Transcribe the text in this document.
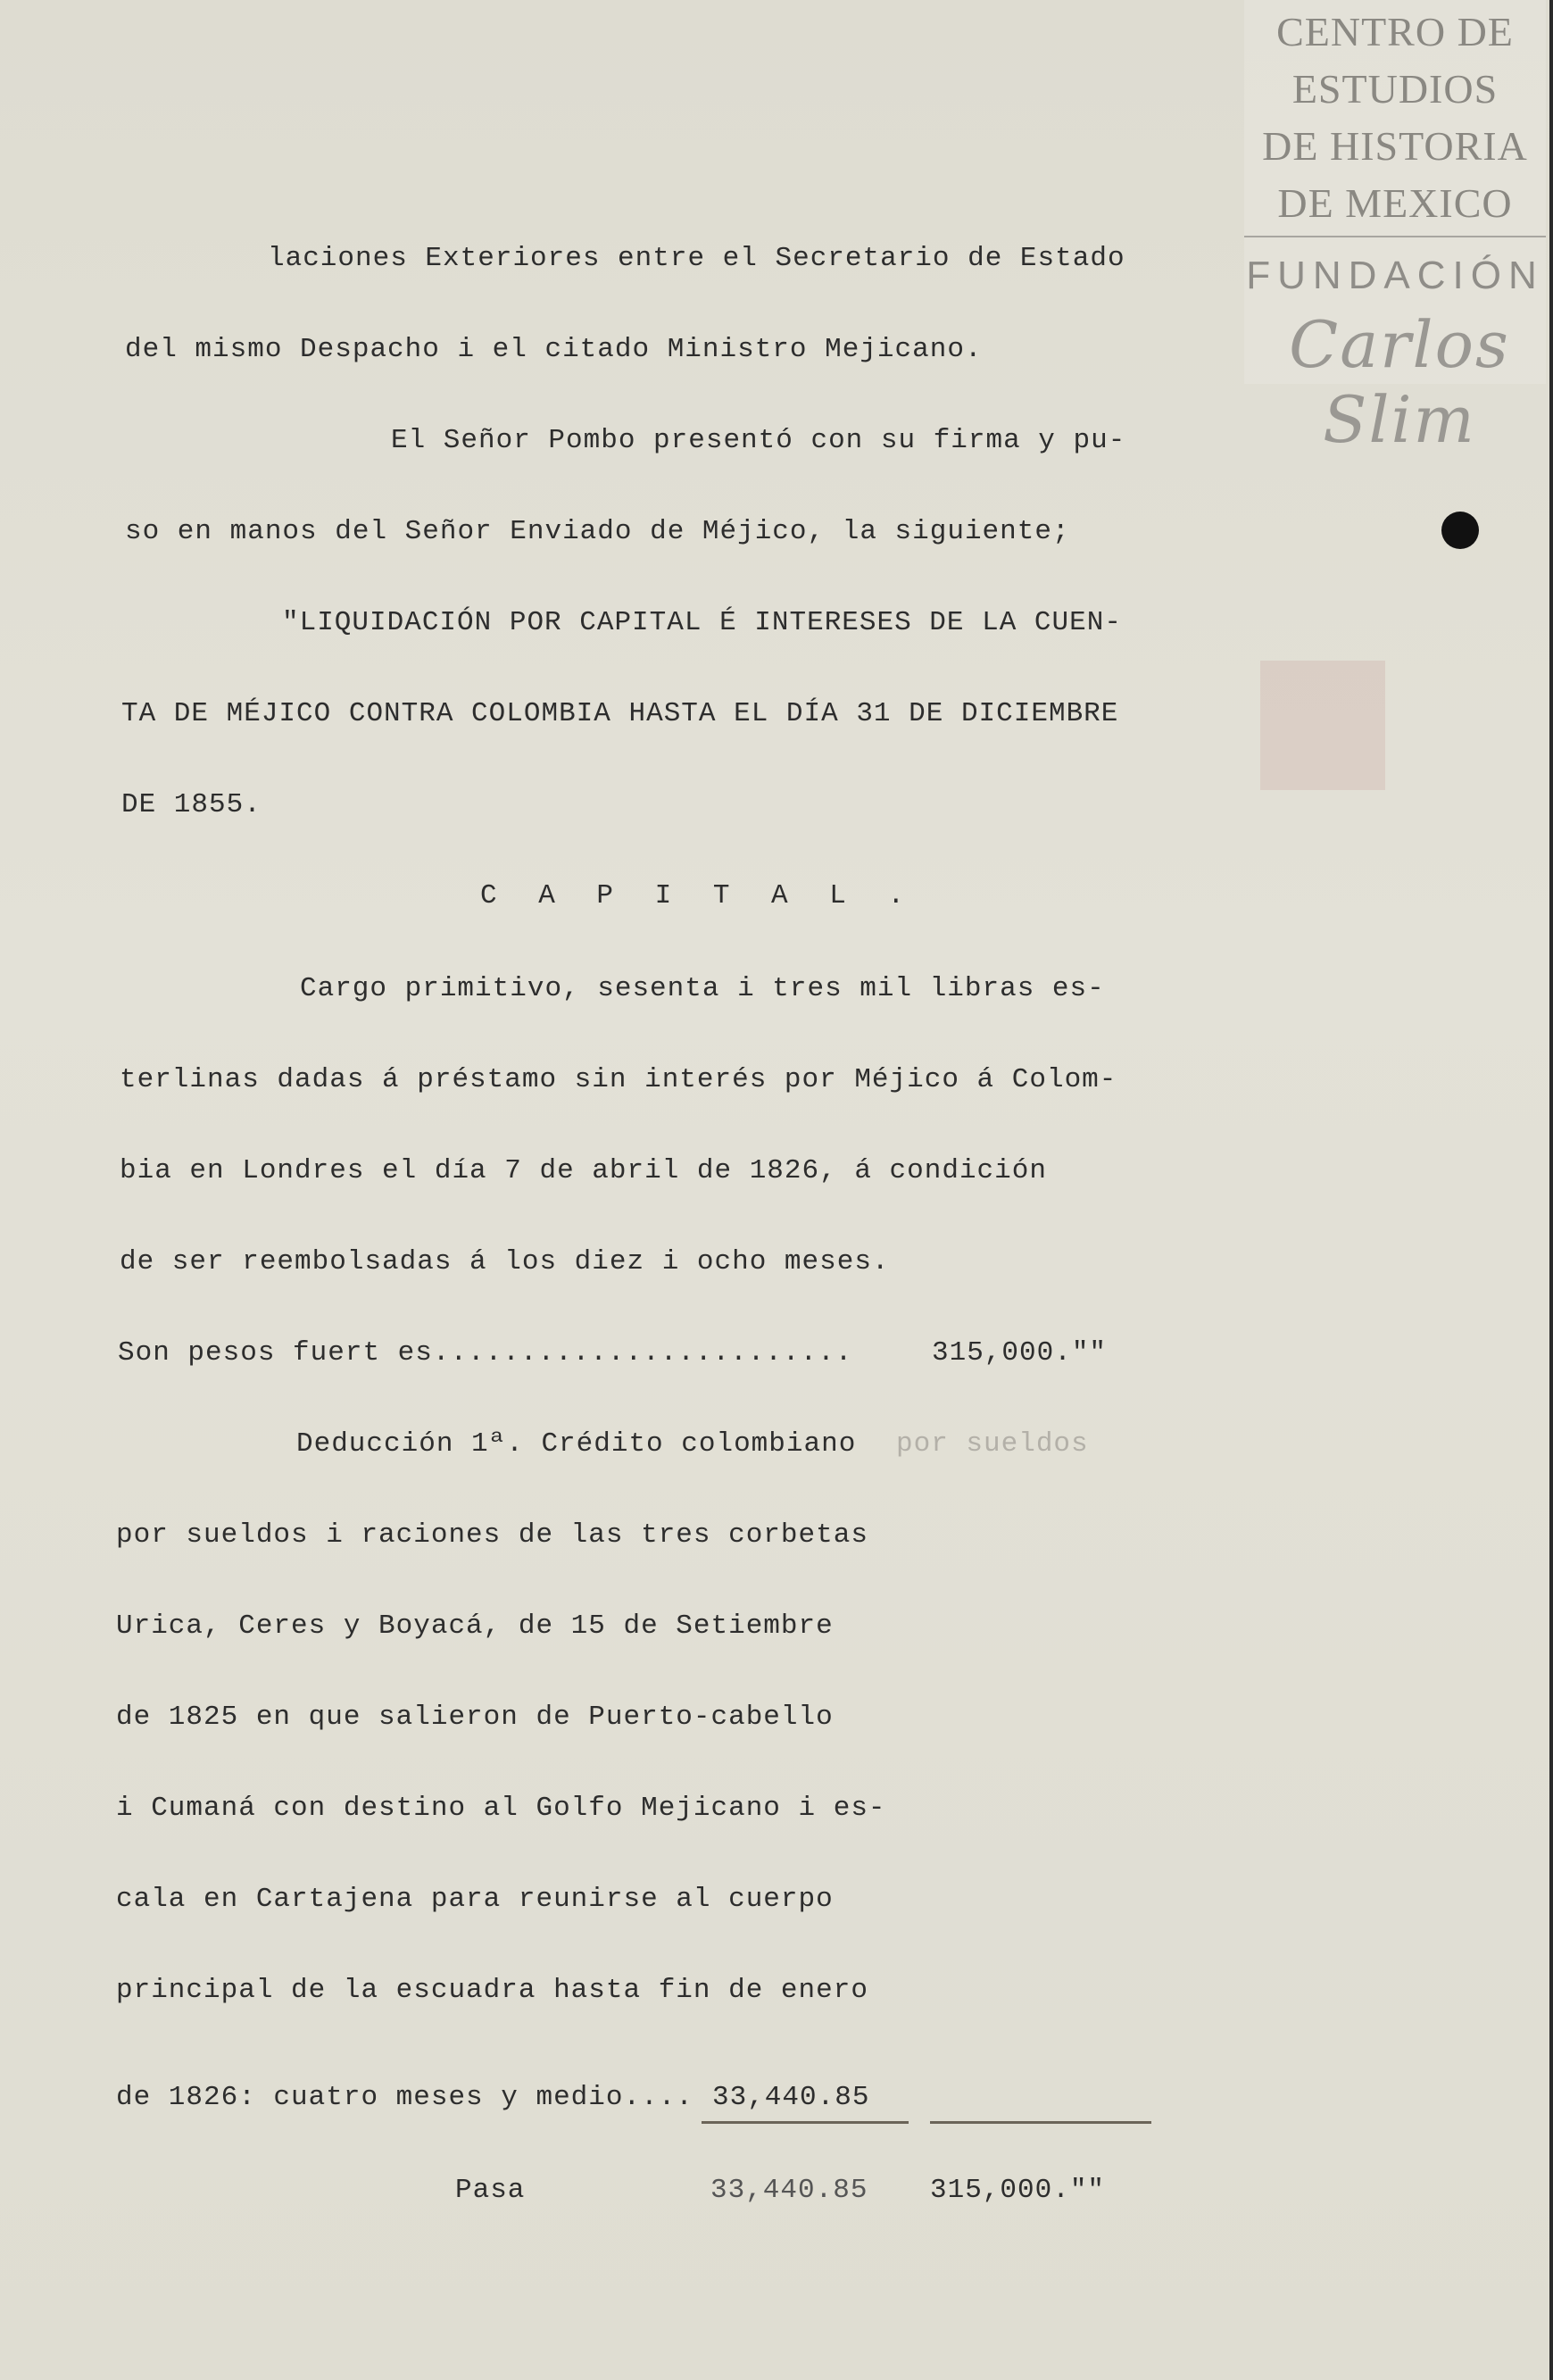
CENTRO DE
ESTUDIOS
DE HISTORIA
DE MEXICO
FUNDACIÓN
Carlos Slim
laciones Exteriores entre el Secretario de Estado
del mismo Despacho i el citado Ministro Mejicano.
El Señor Pombo presentó con su firma y pu-
so en manos del Señor Enviado de Méjico, la siguiente;
"LIQUIDACIÓN POR CAPITAL É INTERESES DE LA CUEN-
TA DE MÉJICO CONTRA COLOMBIA HASTA EL DÍA 31 DE DICIEMBRE
DE 1855.
C A P I T A L .
Cargo primitivo, sesenta i tres mil libras es-
terlinas dadas á préstamo sin interés por Méjico á Colom-
bia en Londres el día 7 de abril de 1826, á condición
de ser reembolsadas á los diez i ocho meses.
Son pesos fuert es........................	315,000.""
Deducción 1ª. Crédito colombiano por sueldos
por sueldos i raciones de las tres corbetas
Urica, Ceres y Boyacá, de 15 de Setiembre
de 1825 en que salieron de Puerto-cabello
i Cumaná con destino al Golfo Mejicano i es-
cala en Cartajena para reunirse al cuerpo
principal de la escuadra hasta fin de enero
de 1826: cuatro meses y medio.... 33,440.85
Pasa	33,440.85 315,000.""
